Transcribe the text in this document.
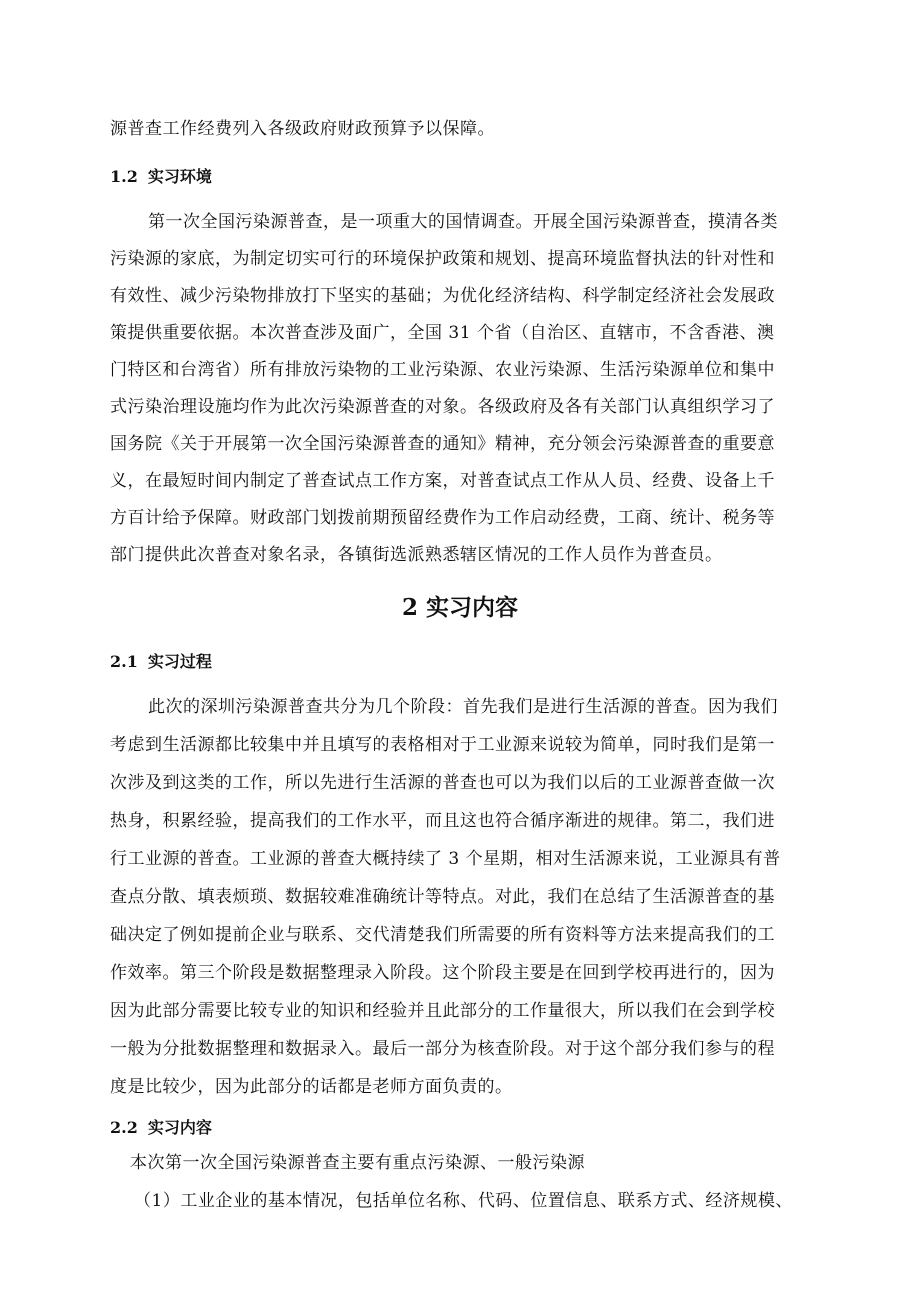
源普查工作经费列入各级政府财政预算予以保障。
1.2 实习环境
第一次全国污染源普查，是一项重大的国情调查。开展全国污染源普查，摸清各类
污染源的家底，为制定切实可行的环境保护政策和规划、提高环境监督执法的针对性和
有效性、减少污染物排放打下坚实的基础；为优化经济结构、科学制定经济社会发展政
策提供重要依据。本次普查涉及面广，全国 31 个省（自治区、直辖市，不含香港、澳
门特区和台湾省）所有排放污染物的工业污染源、农业污染源、生活污染源单位和集中
式污染治理设施均作为此次污染源普查的对象。各级政府及各有关部门认真组织学习了
国务院《关于开展第一次全国污染源普查的通知》精神，充分领会污染源普查的重要意
义，在最短时间内制定了普查试点工作方案，对普查试点工作从人员、经费、设备上千
方百计给予保障。财政部门划拨前期预留经费作为工作启动经费，工商、统计、税务等
部门提供此次普查对象名录，各镇街选派熟悉辖区情况的工作人员作为普查员。
2 实习内容
2.1 实习过程
此次的深圳污染源普查共分为几个阶段：首先我们是进行生活源的普查。因为我们
考虑到生活源都比较集中并且填写的表格相对于工业源来说较为简单，同时我们是第一
次涉及到这类的工作，所以先进行生活源的普查也可以为我们以后的工业源普查做一次
热身，积累经验，提高我们的工作水平，而且这也符合循序渐进的规律。第二，我们进
行工业源的普查。工业源的普查大概持续了 3 个星期，相对生活源来说，工业源具有普
查点分散、填表烦琐、数据较难准确统计等特点。对此，我们在总结了生活源普查的基
础决定了例如提前企业与联系、交代清楚我们所需要的所有资料等方法来提高我们的工
作效率。第三个阶段是数据整理录入阶段。这个阶段主要是在回到学校再进行的，因为
因为此部分需要比较专业的知识和经验并且此部分的工作量很大，所以我们在会到学校
一般为分批数据整理和数据录入。最后一部分为核查阶段。对于这个部分我们参与的程
度是比较少，因为此部分的话都是老师方面负责的。
2.2 实习内容
本次第一次全国污染源普查主要有重点污染源、一般污染源
（1）工业企业的基本情况，包括单位名称、代码、位置信息、联系方式、经济规模、
